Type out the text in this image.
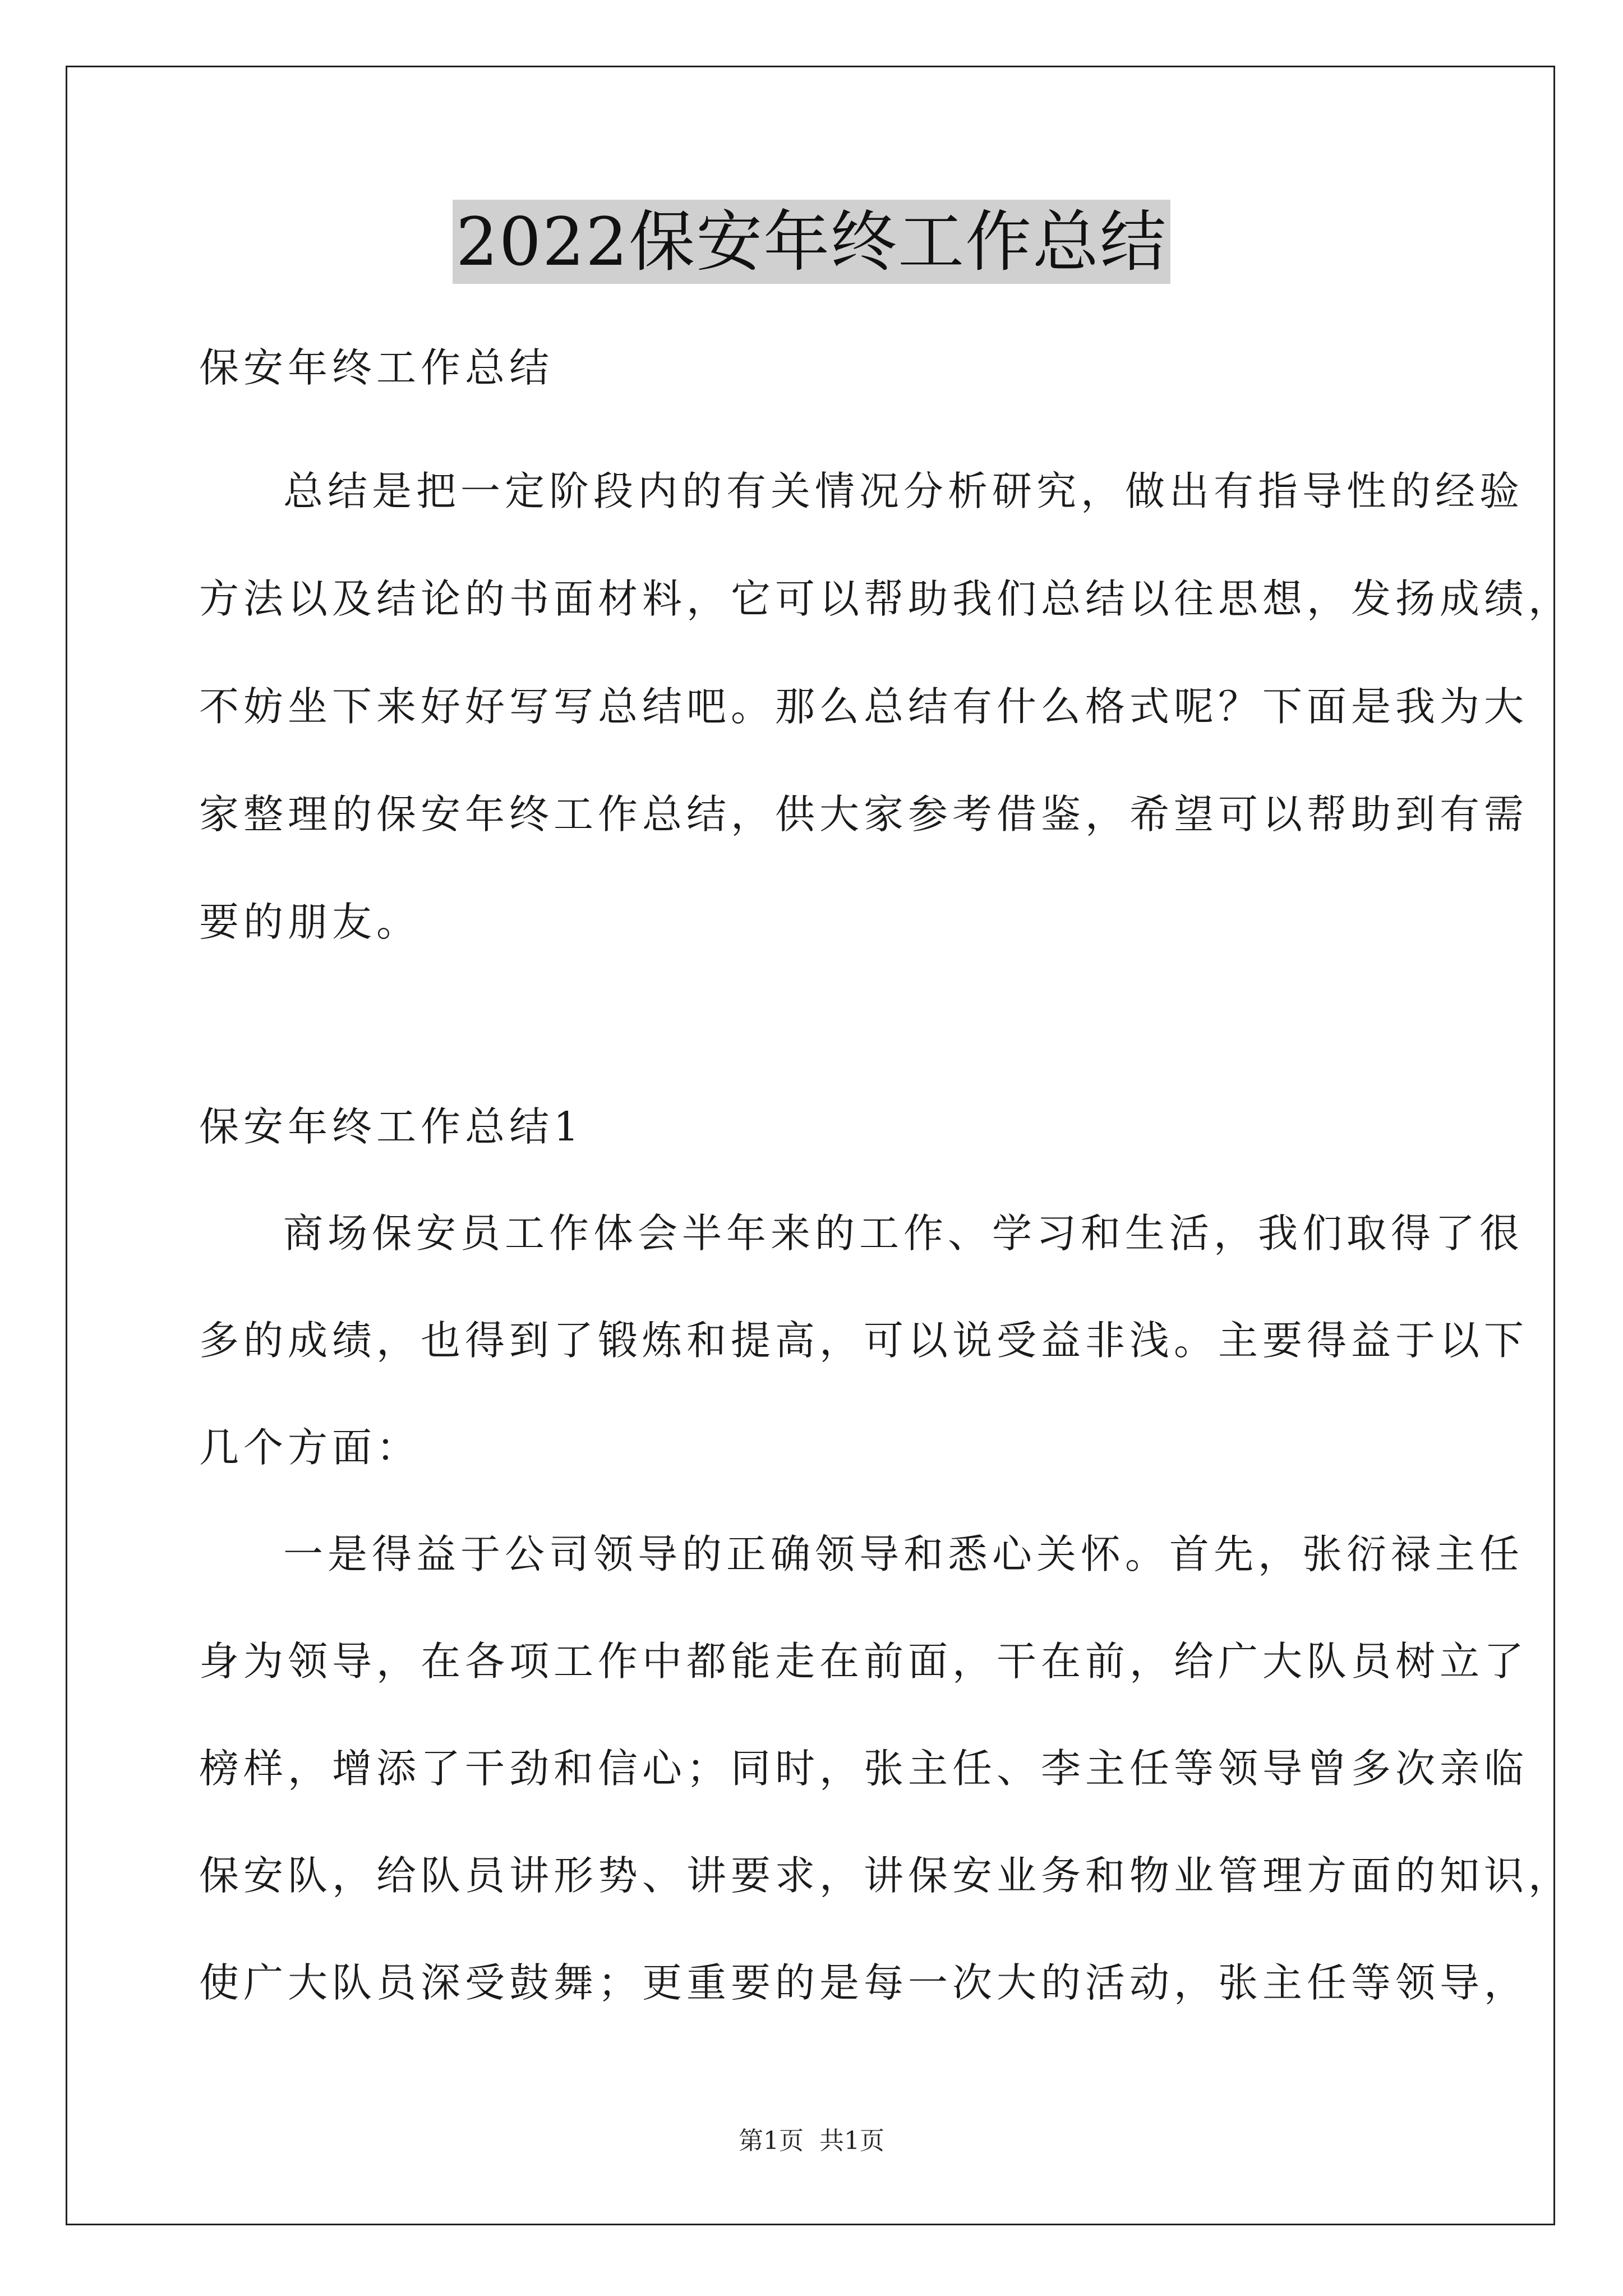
2022保安年终工作总结

保安年终工作总结

总结是把一定阶段内的有关情况分析研究，做出有指导性的经验

方法以及结论的书面材料，它可以帮助我们总结以往思想，发扬成绩，

不妨坐下来好好写写总结吧。那么总结有什么格式呢？下面是我为大

家整理的保安年终工作总结，供大家参考借鉴，希望可以帮助到有需

要的朋友。

保安年终工作总结1

商场保安员工作体会半年来的工作、学习和生活，我们取得了很

多的成绩，也得到了锻炼和提高，可以说受益非浅。主要得益于以下

几个方面：

一是得益于公司领导的正确领导和悉心关怀。首先，张衍禄主任

身为领导，在各项工作中都能走在前面，干在前，给广大队员树立了

榜样，增添了干劲和信心；同时，张主任、李主任等领导曾多次亲临

保安队，给队员讲形势、讲要求，讲保安业务和物业管理方面的知识，

使广大队员深受鼓舞；更重要的是每一次大的活动，张主任等领导，

第1页 共1页
